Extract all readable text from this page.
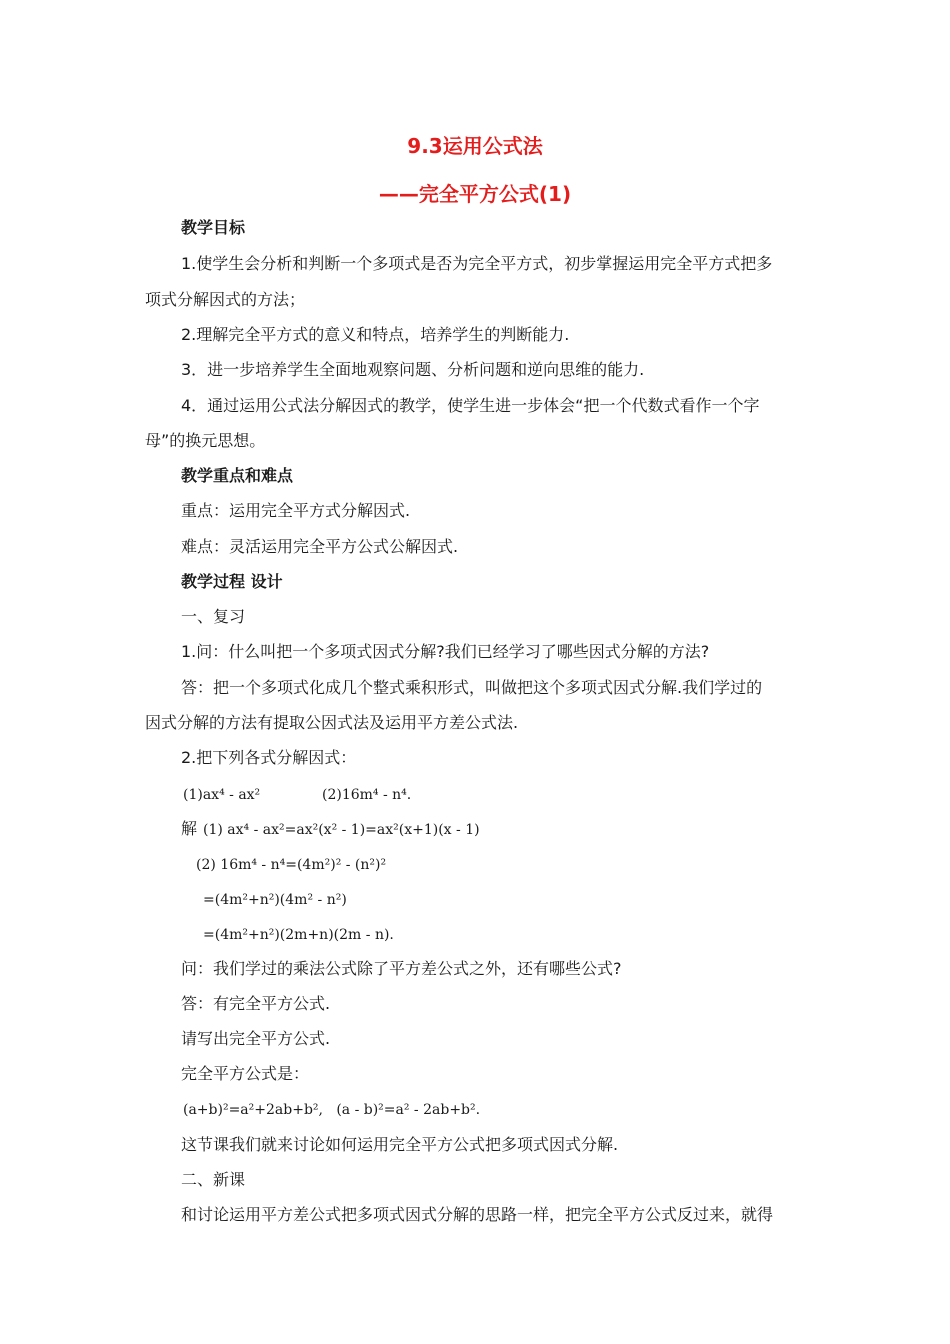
9.3运用公式法
——完全平方公式(1)
教学目标
1.使学生会分析和判断一个多项式是否为完全平方式，初步掌握运用完全平方式把多
项式分解因式的方法；
2.理解完全平方式的意义和特点，培养学生的判断能力.
3．进一步培养学生全面地观察问题、分析问题和逆向思维的能力.
4．通过运用公式法分解因式的教学，使学生进一步体会“把一个代数式看作一个字
母”的换元思想。
教学重点和难点
重点：运用完全平方式分解因式.
难点：灵活运用完全平方公式公解因式.
教学过程 设计
一、复习
1.问：什么叫把一个多项式因式分解?我们已经学习了哪些因式分解的方法?
答：把一个多项式化成几个整式乘积形式，叫做把这个多项式因式分解.我们学过的
因式分解的方法有提取公因式法及运用平方差公式法.
2.把下列各式分解因式：
(1)ax⁴ - ax²	(2)16m⁴ - n⁴.
解 (1) ax⁴ - ax²=ax²(x² - 1)=ax²(x+1)(x - 1)
(2) 16m⁴ - n⁴=(4m²)² - (n²)²
=(4m²+n²)(4m² - n²)
=(4m²+n²)(2m+n)(2m - n).
问：我们学过的乘法公式除了平方差公式之外，还有哪些公式?
答：有完全平方公式.
请写出完全平方公式.
完全平方公式是：
(a+b)²=a²+2ab+b²,   (a - b)²=a² - 2ab+b².
这节课我们就来讨论如何运用完全平方公式把多项式因式分解.
二、新课
和讨论运用平方差公式把多项式因式分解的思路一样，把完全平方公式反过来，就得
